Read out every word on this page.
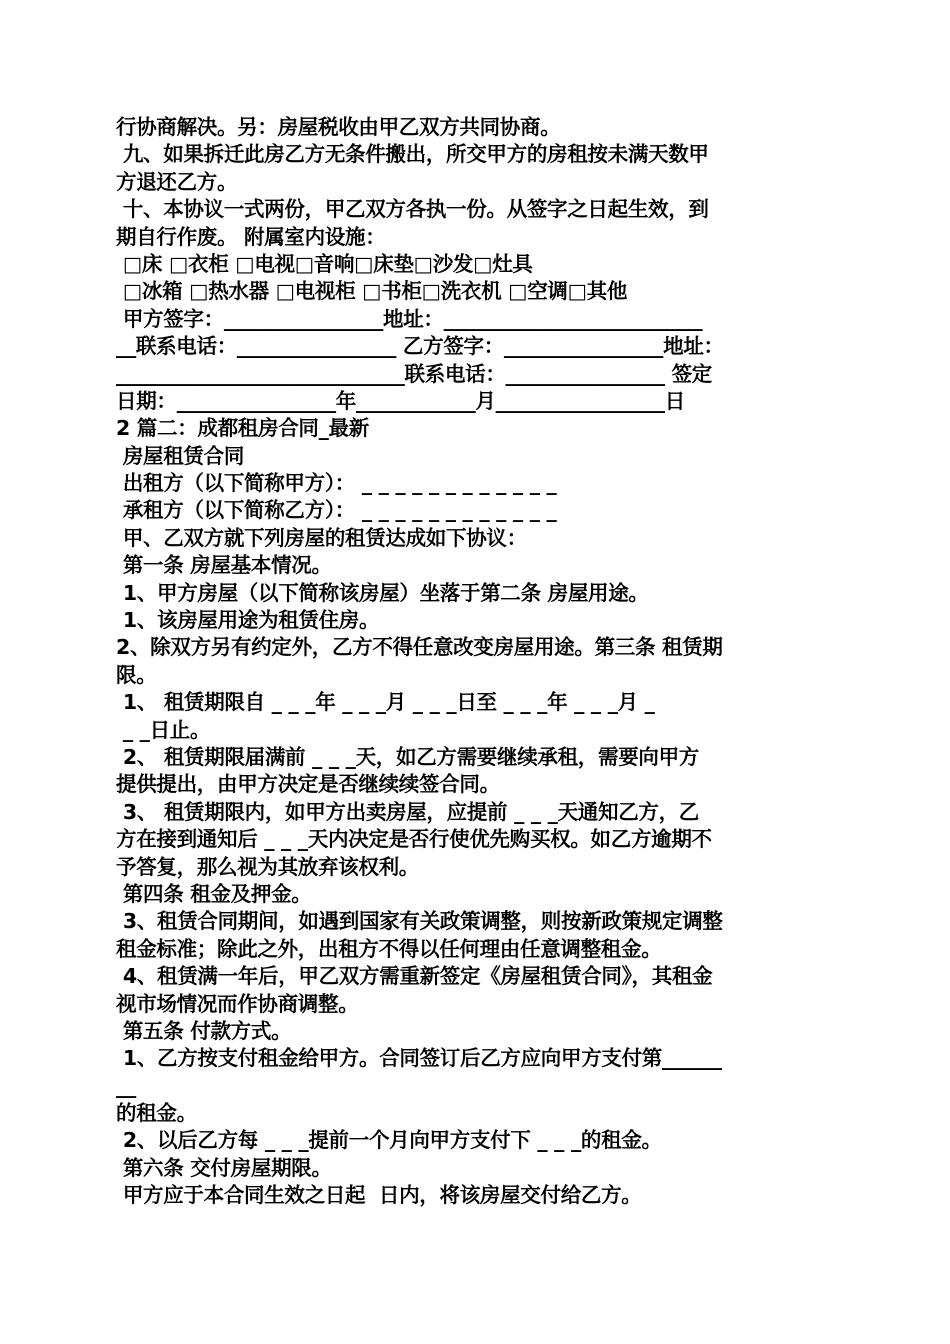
行协商解决。另：房屋税收由甲乙双方共同协商。
九、如果拆迁此房乙方无条件搬出，所交甲方的房租按未满天数甲
方退还乙方。
十、本协议一式两份，甲乙双方各执一份。从签字之日起生效，到
期自行作废。 附属室内设施：
□床 □衣柜 □电视□音响□床垫□沙发□灶具
□冰箱 □热水器 □电视柜 □书柜□洗衣机 □空调□其他
甲方签字：________________地址：__________________________
__联系电话：________________ 乙方签字：________________地址：
_____________________________联系电话：________________ 签定
日期：________________年____________月_________________日
2 篇二：成都租房合同_最新
房屋租赁合同
出租方（以下简称甲方）： _ _ _ _ _ _ _ _ _ _ _ _
承租方（以下简称乙方）： _ _ _ _ _ _ _ _ _ _ _ _
甲、乙双方就下列房屋的租赁达成如下协议：
第一条 房屋基本情况。
1、甲方房屋（以下简称该房屋）坐落于第二条 房屋用途。
1、该房屋用途为租赁住房。
2、除双方另有约定外，乙方不得任意改变房屋用途。第三条 租赁期
限。
1、 租赁期限自 _ _ _年 _ _ _月 _ _ _日至 _ _ _年 _ _ _月 _
_ _日止。
2、 租赁期限届满前 _ _ _天，如乙方需要继续承租，需要向甲方
提供提出，由甲方决定是否继续续签合同。
3、 租赁期限内，如甲方出卖房屋，应提前 _ _ _天通知乙方，乙
方在接到通知后 _ _ _天内决定是否行使优先购买权。如乙方逾期不
予答复，那么视为其放弃该权利。
第四条 租金及押金。
3、租赁合同期间，如遇到国家有关政策调整，则按新政策规定调整
租金标准；除此之外，出租方不得以任何理由任意调整租金。
4、租赁满一年后，甲乙双方需重新签定《房屋租赁合同》，其租金
视市场情况而作协商调整。
第五条 付款方式。
1、乙方按支付租金给甲方。合同签订后乙方应向甲方支付第______
__
的租金。
2、以后乙方每 _ _ _提前一个月向甲方支付下 _ _ _的租金。
第六条 交付房屋期限。
甲方应于本合同生效之日起  日内，将该房屋交付给乙方。
